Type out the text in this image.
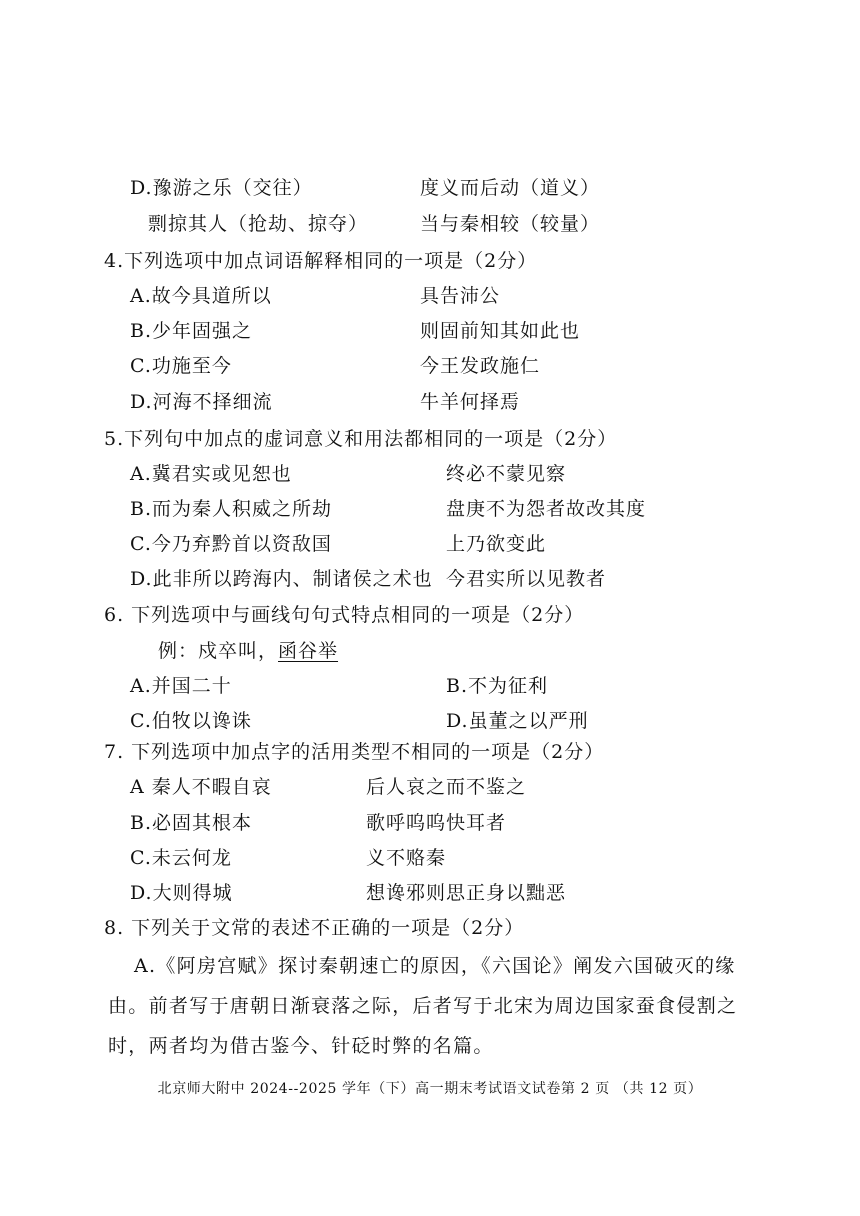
D.豫游之乐（交往）	度义而后动（道义）
剽掠其人（抢劫、掠夺）	当与秦相较（较量）
4.下列选项中加点词语解释相同的一项是（2分）
A.故今具道所以	具告沛公
B.少年固强之	则固前知其如此也
C.功施至今	今王发政施仁
D.河海不择细流	牛羊何择焉
5.下列句中加点的虚词意义和用法都相同的一项是（2分）
A.冀君实或见恕也	终必不蒙见察
B.而为秦人积威之所劫	盘庚不为怨者故改其度
C.今乃弃黔首以资敌国	上乃欲变此
D.此非所以跨海内、制诸侯之术也 今君实所以见教者
6. 下列选项中与画线句句式特点相同的一项是（2分）
例：戍卒叫，函谷举
A.并国二十	B.不为征利
C.伯牧以谗诛	D.虽董之以严刑
7. 下列选项中加点字的活用类型不相同的一项是（2分）
A 秦人不暇自哀	后人哀之而不鉴之
B.必固其根本	歌呼呜呜快耳者
C.未云何龙	义不赂秦
D.大则得城	想谗邪则思正身以黜恶
8. 下列关于文常的表述不正确的一项是（2分）
A.《阿房宫赋》探讨秦朝速亡的原因，《六国论》阐发六国破灭的缘由。前者写于唐朝日渐衰落之际，后者写于北宋为周边国家蚕食侵割之时，两者均为借古鉴今、针砭时弊的名篇。
北京师大附中 2024--2025 学年（下）高一期末考试语文试卷第 2 页 （共 12 页）
